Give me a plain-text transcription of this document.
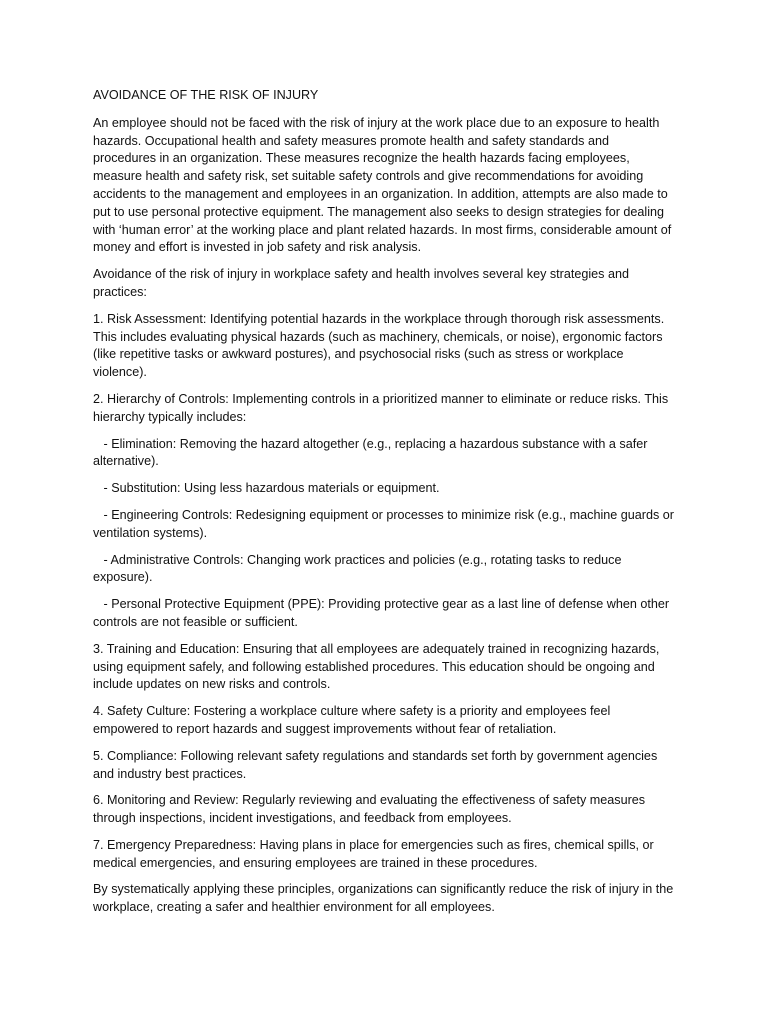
AVOIDANCE OF THE RISK OF INJURY

An employee should not be faced with the risk of injury at the work place due to an exposure to health hazards. Occupational health and safety measures promote health and safety standards and procedures in an organization. These measures recognize the health hazards facing employees, measure health and safety risk, set suitable safety controls and give recommendations for avoiding accidents to the management and employees in an organization. In addition, attempts are also made to put to use personal protective equipment. The management also seeks to design strategies for dealing with ‘human error’ at the working place and plant related hazards. In most firms, considerable amount of money and effort is invested in job safety and risk analysis.

Avoidance of the risk of injury in workplace safety and health involves several key strategies and practices:

1. Risk Assessment: Identifying potential hazards in the workplace through thorough risk assessments. This includes evaluating physical hazards (such as machinery, chemicals, or noise), ergonomic factors (like repetitive tasks or awkward postures), and psychosocial risks (such as stress or workplace violence).

2. Hierarchy of Controls: Implementing controls in a prioritized manner to eliminate or reduce risks. This hierarchy typically includes:

- Elimination: Removing the hazard altogether (e.g., replacing a hazardous substance with a safer alternative).

- Substitution: Using less hazardous materials or equipment.

- Engineering Controls: Redesigning equipment or processes to minimize risk (e.g., machine guards or ventilation systems).

- Administrative Controls: Changing work practices and policies (e.g., rotating tasks to reduce exposure).

- Personal Protective Equipment (PPE): Providing protective gear as a last line of defense when other controls are not feasible or sufficient.

3. Training and Education: Ensuring that all employees are adequately trained in recognizing hazards, using equipment safely, and following established procedures. This education should be ongoing and include updates on new risks and controls.

4. Safety Culture: Fostering a workplace culture where safety is a priority and employees feel empowered to report hazards and suggest improvements without fear of retaliation.

5. Compliance: Following relevant safety regulations and standards set forth by government agencies and industry best practices.

6. Monitoring and Review: Regularly reviewing and evaluating the effectiveness of safety measures through inspections, incident investigations, and feedback from employees.

7. Emergency Preparedness: Having plans in place for emergencies such as fires, chemical spills, or medical emergencies, and ensuring employees are trained in these procedures.

By systematically applying these principles, organizations can significantly reduce the risk of injury in the workplace, creating a safer and healthier environment for all employees.
